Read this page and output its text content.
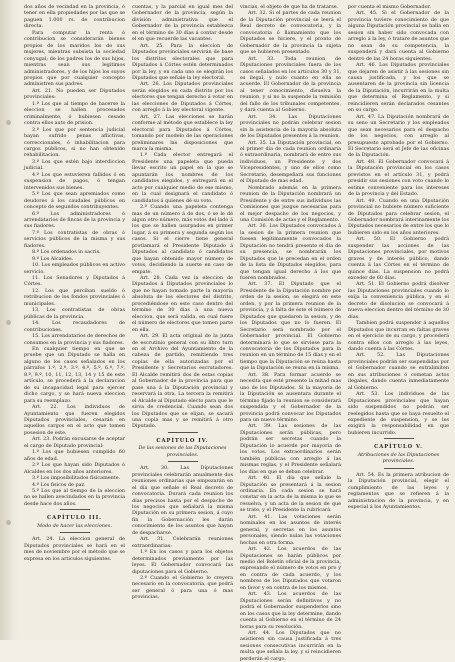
dos años de vecindad en la provincia, ó tener en ella propiedades por las que se paguen 1.000 rs. de contribucion directa.

Para computar la renta ó contribucion se considerarán bienes propios de los maridos los de sus mujeres, mientras subsista la sociedad conyugal; de los padres los de sus hijos, mientras sean sus legítimos administradores, y de los hijos los suyos propios que por cualquier concepto administren sus padres.

Art. 21. No pueden ser Diputados provinciales:

1.º Los que al tiempo de hacerse la eleccion se hallen procesados criminalmente, ó hubiesen cesado contra ellos auto de prision.

2.º Los que por sentencia judicial hayan sufrido penas aflictivas, correccionales, ó inhabilitacion para cargos públicos, si no han obtenido rehabilitacion.

3.º Los que estén bajo interdiccion judicial.

4.º Los que estuvieren fallidos ó en suspension de pagos, ó tengan intervenidos sus bienes.

5.º Los que sean apremiados como deudores á los caudales públicos en concepto de segundos contribuyentes.

6.º Los administradores ó arrendatarios de fincas de la provincia y sus fiadores.

7.º Los contratistas de obras ó servicios públicos de la misma y sus fiadores.

8.º Los ordenados in sacris.

9.º Los Alcaldes.

10. Los empleados públicos en activo servicio.

11. Los Senadores y Diputados á Córtes.

12. Los que perciban sueldo ó retribucion de los fondos provinciales ó municipales.

13. Los contratistas de obras públicas de la provincia.

14. Los recaudadores de contribuciones.

15. Los arrendatarios de derechos de consumos en la provincia y sus fiadores.

En cualquier tiempo en que se pruebe que un Diputado se halla en alguno de los casos señalados en los párrafos 1.º, 2.º, 3.º, 4.º, 5.º, 6.º, 7.º, 8.º, 9.º, 10, 11, 12, 13, 14 y 15 de este artículo, se procederá á la declaracion de su incapacidad legal para ejercer dicho cargo, y se hará nueva eleccion para su reemplazo.

Art. 22. Los individuos de Ayuntamiento que fueren elegidos Diputados provinciales, cesarán en aquellos cargos en el acto que tomen posesion de este.

Art. 23. Podrán excusarse de aceptar el cargo de Diputado provincial:

1.º Los que hubiesen cumplido 60 años de edad.

2.º Los que hayan sido Diputados ó Alcaldes en los dos años anteriores.

3.º Los imposibilitados físicamente.

4.º Los fisicos de paz.

5.º Los que al tiempo de la eleccion no se hallen avecindados en la provincia desde hace dos años.

CAPÍTULO III.
Modo de hacer las elecciones.

Art. 24. La eleccion general de Diputados provinciales se hará en el mes de noviembre por el método que se expresa en los artículos siguientes.

cuentas, y la parcial en igual mes del Gobernador de la provincia, según la división administrativa que el Gobernador de la provincia establezca en el término de 30 días á contar desde el en que recuerde las vacantes.

Art. 25. Para la eleccion de Diputados provinciales servirán de base los distritos electorales que para Diputados á Córtes estén determinados por la ley, y en cada uno se elegirán los Diputados que señale la ley electoral.

Art. 26. Los Diputados provinciales serán elegidos en cada distrito por los electores que tengan derecho á votar en las elecciones de Diputados á Córtes, con arreglo á la ley electoral vigente.

Art. 27. Las elecciones se harán conforme al método que establece la ley electoral para Diputados á Córtes, tomando por modelo de las operaciones preliminares las disposiciones que marca la misma.

1.º Cada elector entregará el Presidente una papeleta que pueda llevar escrito un papel en la que se apuntarán los nombres de los candidatos elegidos, y entregará en el acto por cualquier medio de ese mismo, en la cual designará el candidato ó candidatos á quienes dé su voto.

2.º Cuando una papeleta contenga mas de un número á de dos, ó se le dé algun otro número, más votos del lado á los que se hallen usurpados en primer lugar, á su primera y segunda según los casos. Si el cierre tiene general protlamará el Presidente Diputado á Diputados al candidato ó candidatos que hayan obtenido mayor número de votos, decidiendo la suerte en caso de empate.

Art. 28. Cada vez la eleccion de Diputados á Diputados provinciales lo que no hayan tomado parte la mayoría absoluta de los electores del distrito, procediéndose en este caso dentro del término de 30 días á una nueva eleccion, que será valida, en cual fuere el número de electores que tomen parte en ella.

Art. 29. El acta original de la junta de escrutinio general con su libro turn en el Archivo del Ayuntamiento de la cabeza de partido, remitiendo tres copias de ella autorizadas por el Presidente y Secretarios escrutadores. El Alcalde remitirá dos de estas copias al Gobernador de la provincia para que pase una á la Diputación provincial y reservará la otra. La tercera la remitirá el Alcalde al Diputado electo para que le sirva de credencial. Cuando sean dos los Diputados que se elijan, se sacará una copia mas y se remitirá á otro Diputado.

CAPÍTULO IV.
De las sesiones de las Diputaciones provinciales.

Art. 30. Las Diputaciones provinciales celebrarán anualmente dos reuniones ordinarias que empezarán en el día que señale el Real decreto de convocatoria. Durará cada reunion los días precisos hasta por el despacho de los negocios que señalará la misma Diputación en su primera sesion, á cuyo fin la Gobernación les darán conocimiento de los asuntos que hayan de despacharse.

Art. 31. Celebrarán reuniones extraordinarias:

1.º En los casos y para los objetos determinados previamente por las leyes. El Gobernador convocará las diputaciones para el Gobierno.

2.º Cuando el Gobierno lo creyera necesario en la convocatoria, que podrá ser general ó para una ó mas provincias.

vincias, el objeto de que ha de tratarse.

Art. 32. Si el partes de cada reunion de la Diputación provincial se leerá el Real decreto de convocatoria, y la convocatoria ó llamamiento que los Diputados se hiciere, y el pronto de Gobernador de la provincia la sujeta que se hubieren presentado.

Art. 33. Toda reunion de Diputaciones provinciales fuera de los casos señalados en los artículos 30 y 31, es ilegal, y nulo cuanto en ella se acuerde. El Gobernador de la provincia al tener conocimiento, disuelva la reunion, y si no la suspende la remisión del fallo de los tribunales competentes, y dará cuenta al Gobierno.

Art. 34. Las Diputaciones provinciales no podrán celebrar sesion sin la asistencia de la mayoría absoluta de los Diputados presentes á la reunion.

Art. 35. La Diputación provincial, en el primer dia de cada reunion ordinaria ó extraordinaria, nombrará de entre sus individuos, un Presidente y dos Vicepresidentes, y uno de ellos como Secretario, desempeñará sus funciones el Diputado de mas edad.

Nombrado además en la primera reunion de la Diputación nombrará un Presidente y de entre sus individuos las Comisiones que juzgue necesarias para el mejor despacho de los negocios, y una Comisión de actas y el Reglamento.

Art. 36. Los Diputados convocados á la sesion de la primera reunion que fuesen legítimamente convocados la Diputación no tendrá presente el día de su presencia, se nombrarán los Diputados que le precedan en el orden de la lista de Diputados elegidos, para que tengan igual derecho á los que fueren nombrados.

Art. 37. El Diputado que el Presidente de la Diputación nombre por orden de la sesion, se elegirá en este orden, y por la primera reunion de la provincia, y á falta de éste el número de Diputados que quedaren la sesion, y de los Diputados que no lo fueren. El Secretario será nombrado por el Gobernador provincial. El Gobierno determinará lo que se sirviese para la convocatoria de los Diputados para la reunion en un término de 15 días y en el tiempo que la Diputación se reúna hasta que la Diputación se reuna en la misma.

Art. 38. Para formar acuerdo se necesita que esté presente la mitad mas uno de los Diputados. Si la mayoría de la Diputación se ausentara durante el término fijado la reunion se considerará suspendida y el Gobernador de la provincia podrá convocar los Diputados para un nuevo término.

Art. 39. Las sesiones de las Diputaciones serán públicas, pero podrán ser secretas cuando la Diputación lo acuerde por mayoría de los votos. Los extraordinarios serán también públicas con arreglo á las mismas reglas, y el Presidente señalará los días en que se deban celebrar.

Art. 40. El día que señale la Diputación se presentará á la sesion ordinaria. En cada sesion se hará constar en la acta de la misma lo que se resuelva, y un acta de la sesion de que se trate, y el Presidente la rubricará.

Art. 41. Las votaciones serán nominales en los asuntos de interés general, y secretas en los asuntos personales, siendo nulas las votaciones hechas en otra forma.

Art. 42. Los acuerdos de las Diputaciones se harán públicos por medio del Boletín oficial de la provincia, expresando el número de votos en pro y en contra de cada acuerdo, y los nombres de los Diputados que votaron en favor y en contra de los mismos.

Art. 43. Los acuerdos de las Diputaciones serán definitivos y no podrá el Gobernador suspenderlos sino en los casos que la ley determine, dando cuenta al Gobierno en el término de 24 horas para su resolución.

Art. 44. Los Diputados que no asistieren sin causa justificada á tres sesiones consecutivas incurrirán en la multa que señala la ley, y si reincidieren perderán el cargo.

por cuenta el mismo Gobernador.

Art. 45. Si el Gobernador de la provincia tuviere conocimiento de que alguna Diputación provincial se halla en sesion sin haber sido convocada con arreglo á la ley, ó tratare de asuntos que no sean de su competencia, la suspenderá y dará cuenta al Gobierno dentro de las 24 horas siguientes.

Art. 46. Los Diputados provinciales que dejaren de asistir á las sesiones sin causa justificada, y los que se ausentaren de la provincia sin licencia de la Diputación, incurrirán en la multa que determina el Reglamento, y si reincidieren serán declarados cesantes en su cargo.

Art. 47. La Diputación nombrará de su seno un Secretario y los empleados que sean necesarios para el despacho de los negocios, con arreglo al presupuesto aprobado por el Gobierno. El Secretario será el Jefe de las oficinas de la Diputación.

Art. 48. El Gobernador convocará á la Diputación provincial en los casos previstos en el artículo 31, y podrá presidir sus sesiones con voto cuando lo estime conveniente para los intereses de la provincia y del Estado.

Art. 49. Cuando en una Diputación provincial no hubiere número suficiente de Diputados para celebrar sesion, el Gobernador nombrará interinamente los Diputados necesarios de entre los que lo hubieren sido en los años anteriores.

Art. 50. El Gobierno podrá suspender las acciones de las Diputaciones provinciales, por motivos graves y de interés público, dando cuenta á las Córtes en el término de quince días. La suspension no podrá exceder de 60 días.

Art. 51. El Gobierno podrá disolver las Diputaciones provinciales cuando lo exija la conveniencia pública, y en el decreto de disolucion se convocará á nueva eleccion dentro del término de 30 días.

Tambien podrá suspender á aquellos Diputados que incurran en faltas graves en el ejercicio de su cargo, y procederá contra ellos con arreglo á las leyes, dando cuenta á las Córtes.

Art. 52. Las Diputaciones provinciales podrán ser suspendidas por el Gobernador cuando se extralimiten en sus atribuciones ó cometan actos ilegales, dando cuenta inmediatamente al Gobierno.

Art. 53. Los individuos de las Diputaciones provinciales que hayan sido suspendidos no podrán ser reelegidos hasta que se haya resuelto el expediente de suspension, y se les exigirá la responsabilidad en que hubieren incurrido.

CAPÍTULO V.
Atribuciones de las Diputaciones provinciales.

Art. 54. Es la primera atribucion de la Diputación provincial, elegir el cumplimiento de las leyes y reglamentos que se refieren á la administracion de la provincia, y en especial á los Ayuntamientos.
